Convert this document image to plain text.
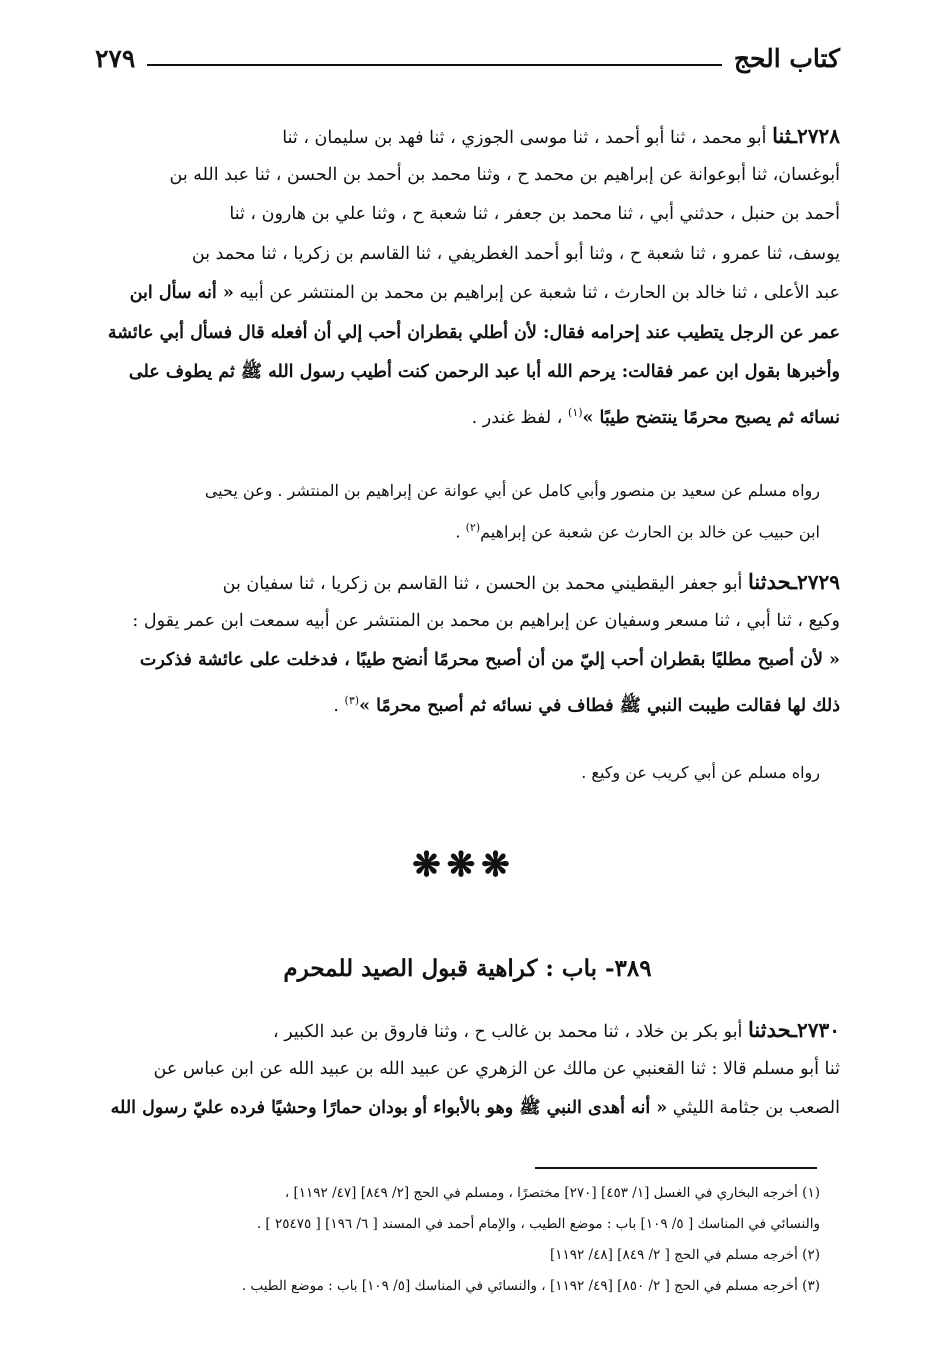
كتاب الحج
٢٧٩
٢٧٢٨ـثنا أبو محمد ، ثنا أبو أحمد ، ثنا موسى الجوزي ، ثنا فهد بن سليمان ، ثنا
أبوغسان، ثنا أبوعوانة عن إبراهيم بن محمد ح ، وثنا محمد بن أحمد بن الحسن ، ثنا عبد الله بن
أحمد بن حنبل ، حدثني أبي ، ثنا محمد بن جعفر ، ثنا شعبة ح ، وثنا علي بن هارون ، ثنا
يوسف، ثنا عمرو ، ثنا شعبة ح ، وثنا أبو أحمد الغطريفي ، ثنا القاسم بن زكريا ، ثنا محمد بن
عبد الأعلى ، ثنا خالد بن الحارث ، ثنا شعبة عن إبراهيم بن محمد بن المنتشر عن أبيه « أنه سأل ابن
عمر عن الرجل يتطيب عند إحرامه فقال: لأن أطلي بقطران أحب إلي أن أفعله قال فسأل أبي عائشة
وأخبرها بقول ابن عمر فقالت: يرحم الله أبا عبد الرحمن كنت أطيب رسول الله ﷺ ثم يطوف على
نسائه ثم يصبح محرمًا ينتضح طيبًا »$^{(١)}$ ، لفظ غندر .
رواه مسلم عن سعيد بن منصور وأبي كامل عن أبي عوانة عن إبراهيم بن المنتشر . وعن يحيى
ابن حبيب عن خالد بن الحارث عن شعبة عن إبراهيم$^{(٢)}$ .
٢٧٢٩ـحدثنا أبو جعفر اليقطيني محمد بن الحسن ، ثنا القاسم بن زكريا ، ثنا سفيان بن
وكيع ، ثنا أبي ، ثنا مسعر وسفيان عن إبراهيم بن محمد بن المنتشر عن أبيه سمعت ابن عمر يقول :
« لأن أصبح مطليًا بقطران أحب إليّ من أن أصبح محرمًا أنضح طيبًا ، فدخلت على عائشة فذكرت
ذلك لها فقالت طيبت النبي ﷺ فطاف في نسائه ثم أصبح محرمًا »$^{(٣)}$ .
رواه مسلم عن أبي كريب عن وكيع .
❋❋❋
٣٨٩- باب : كراهية قبول الصيد للمحرم
٢٧٣٠ـحدثنا أبو بكر بن خلاد ، ثنا محمد بن غالب ح ، وثنا فاروق بن عبد الكبير ،
ثنا أبو مسلم قالا : ثنا القعنبي عن مالك عن الزهري عن عبيد الله بن عبيد الله عن ابن عباس عن
الصعب بن جثامة الليثي « أنه أهدى النبي ﷺ وهو بالأبواء أو بودان حمارًا وحشيًا فرده عليّ رسول الله
(١) أخرجه البخاري في الغسل [١/ ٤٥٣] [٢٧٠] مختصرًا ، ومسلم في الحج [٢/ ٨٤٩] [٤٧/ ١١٩٢] ،
والنسائي في المناسك [ ٥/ ١٠٩] باب : موضع الطيب ، والإمام أحمد في المسند [ ٦/ ١٩٦] [ ٢٥٤٧٥ ] .
(٢) أخرجه مسلم في الحج [ ٢/ ٨٤٩] [٤٨/ ١١٩٢]
(٣) أخرجه مسلم في الحج [ ٢/ ٨٥٠] [٤٩/ ١١٩٢] ، والنسائي في المناسك [٥/ ١٠٩] باب : موضع الطيب .
